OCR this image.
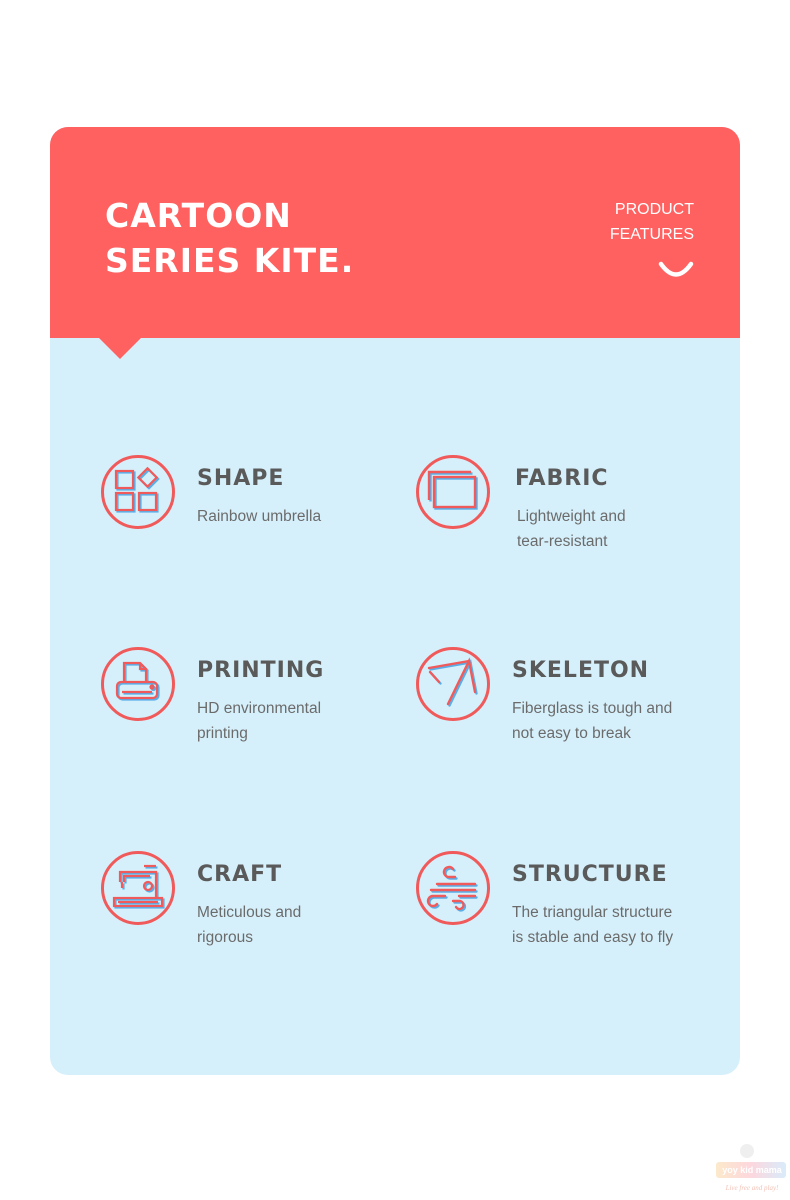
CARTOON
SERIES KITE.
PRODUCT
FEATURES
SHAPE
Rainbow umbrella
FABRIC
Lightweight and
tear-resistant
PRINTING
HD environmental
printing
SKELETON
Fiberglass is tough and
not easy to break
CRAFT
Meticulous and
rigorous
STRUCTURE
The triangular structure
is stable and easy to fly
yoy kid mama
Live free and play!
